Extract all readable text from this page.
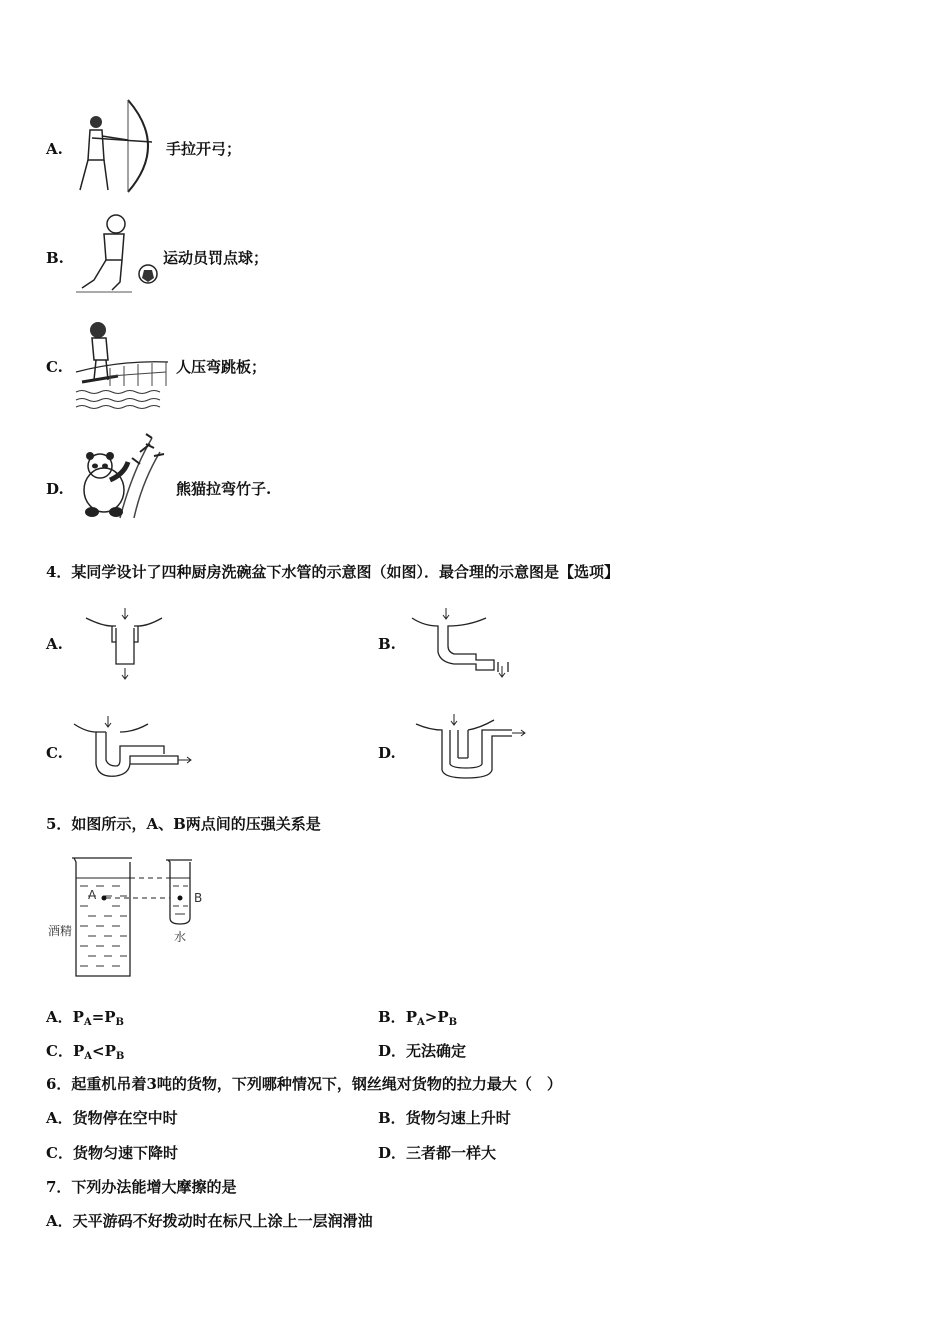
A.	手拉开弓；
B.	运动员罚点球；
C.	人压弯跳板；
D.	熊猫拉弯竹子.
4．某同学设计了四种厨房洗碗盆下水管的示意图（如图）．最合理的示意图是【选项】
A.	B.
C.	D.
5．如图所示，A、B两点间的压强关系是
A	B
酒精	水
A．$P_A=P_B$	B．$P_A>P_B$
C．$P_A<P_B$	D．无法确定
6．起重机吊着3吨的货物，下列哪种情况下，钢丝绳对货物的拉力最大（　）
A．货物停在空中时	B．货物匀速上升时
C．货物匀速下降时	D．三者都一样大
7．下列办法能增大摩擦的是
A．天平游码不好拨动时在标尺上涂上一层润滑油
